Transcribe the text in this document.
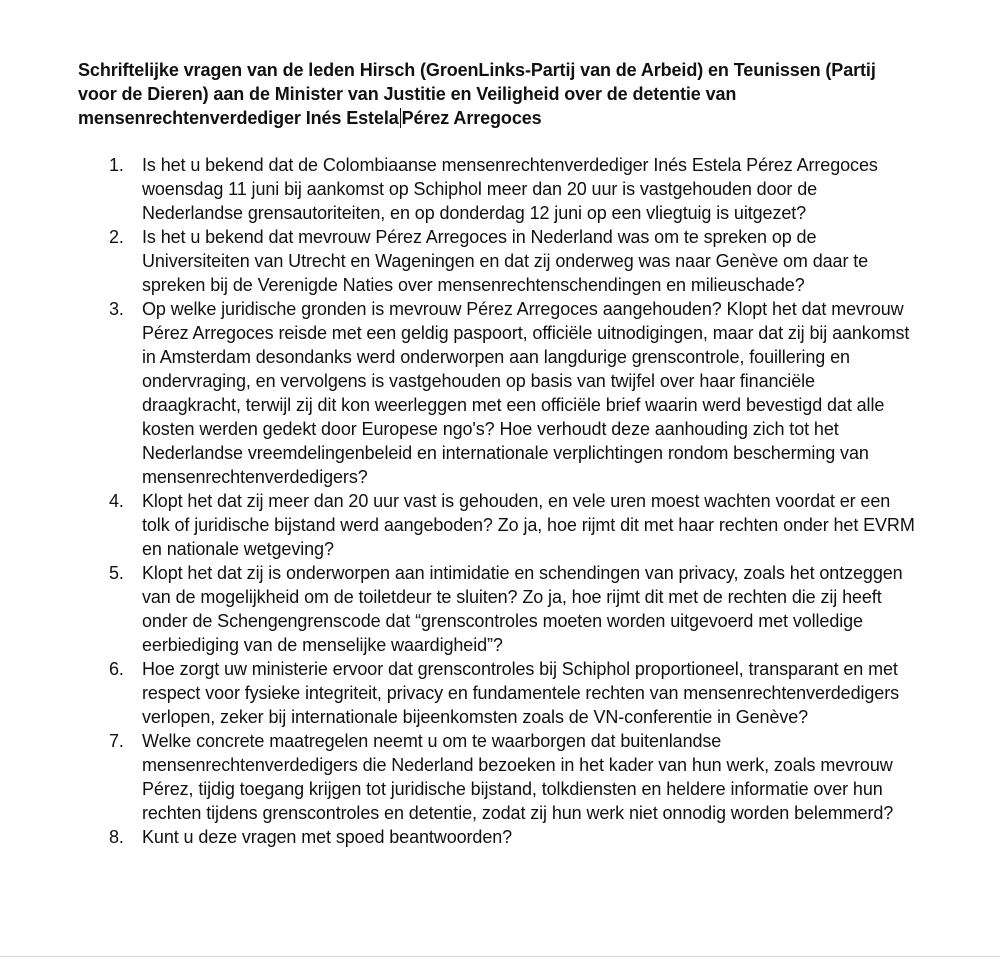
Schriftelijke vragen van de leden Hirsch (GroenLinks-Partij van de Arbeid) en Teunissen (Partij voor de Dieren) aan de Minister van Justitie en Veiligheid over de detentie van mensenrechtenverdediger Inés Estela Pérez Arregoces

1. Is het u bekend dat de Colombiaanse mensenrechtenverdediger Inés Estela Pérez Arregoces woensdag 11 juni bij aankomst op Schiphol meer dan 20 uur is vastgehouden door de Nederlandse grensautoriteiten, en op donderdag 12 juni op een vliegtuig is uitgezet?
2. Is het u bekend dat mevrouw Pérez Arregoces in Nederland was om te spreken op de Universiteiten van Utrecht en Wageningen en dat zij onderweg was naar Genève om daar te spreken bij de Verenigde Naties over mensenrechtenschendingen en milieuschade?
3. Op welke juridische gronden is mevrouw Pérez Arregoces aangehouden? Klopt het dat mevrouw Pérez Arregoces reisde met een geldig paspoort, officiële uitnodigingen, maar dat zij bij aankomst in Amsterdam desondanks werd onderworpen aan langdurige grenscontrole, fouillering en ondervraging, en vervolgens is vastgehouden op basis van twijfel over haar financiële draagkracht, terwijl zij dit kon weerleggen met een officiële brief waarin werd bevestigd dat alle kosten werden gedekt door Europese ngo's? Hoe verhoudt deze aanhouding zich tot het Nederlandse vreemdelingenbeleid en internationale verplichtingen rondom bescherming van mensenrechtenverdedigers?
4. Klopt het dat zij meer dan 20 uur vast is gehouden, en vele uren moest wachten voordat er een tolk of juridische bijstand werd aangeboden? Zo ja, hoe rijmt dit met haar rechten onder het EVRM en nationale wetgeving?
5. Klopt het dat zij is onderworpen aan intimidatie en schendingen van privacy, zoals het ontzeggen van de mogelijkheid om de toiletdeur te sluiten? Zo ja, hoe rijmt dit met de rechten die zij heeft onder de Schengengrenscode dat “grenscontroles moeten worden uitgevoerd met volledige eerbiediging van de menselijke waardigheid”?
6. Hoe zorgt uw ministerie ervoor dat grenscontroles bij Schiphol proportioneel, transparant en met respect voor fysieke integriteit, privacy en fundamentele rechten van mensenrechtenverdedigers verlopen, zeker bij internationale bijeenkomsten zoals de VN-conferentie in Genève?
7. Welke concrete maatregelen neemt u om te waarborgen dat buitenlandse mensenrechtenverdedigers die Nederland bezoeken in het kader van hun werk, zoals mevrouw Pérez, tijdig toegang krijgen tot juridische bijstand, tolkdiensten en heldere informatie over hun rechten tijdens grenscontroles en detentie, zodat zij hun werk niet onnodig worden belemmerd?
8. Kunt u deze vragen met spoed beantwoorden?
